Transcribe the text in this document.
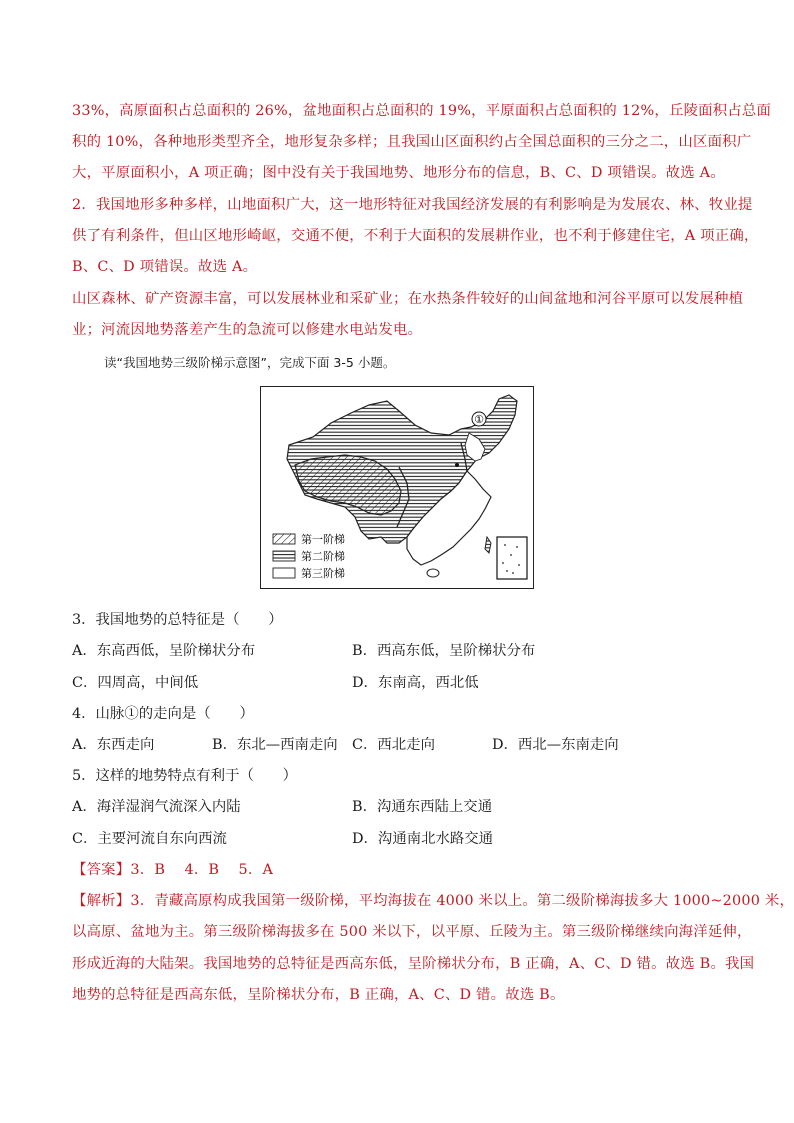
33%，高原面积占总面积的 26%，盆地面积占总面积的 19%，平原面积占总面积的 12%，丘陵面积占总面
积的 10%，各种地形类型齐全，地形复杂多样；且我国山区面积约占全国总面积的三分之二，山区面积广
大，平原面积小，A 项正确；图中没有关于我国地势、地形分布的信息，B、C、D 项错误。故选 A。
2．我国地形多种多样，山地面积广大，这一地形特征对我国经济发展的有利影响是为发展农、林、牧业提
供了有利条件，但山区地形崎岖，交通不便，不利于大面积的发展耕作业，也不利于修建住宅，A 项正确，
B、C、D 项错误。故选 A。
山区森林、矿产资源丰富，可以发展林业和采矿业；在水热条件较好的山间盆地和河谷平原可以发展种植
业；河流因地势落差产生的急流可以修建水电站发电。
读“我国地势三级阶梯示意图”，完成下面 3-5 小题。
①
第一阶梯
第二阶梯
第三阶梯
3．我国地势的总特征是（　　）
A．东高西低，呈阶梯状分布	B．西高东低，呈阶梯状分布
C．四周高，中间低	D．东南高，西北低
4．山脉①的走向是（　　）
A．东西走向	B．东北—西南走向 C．西北走向	D．西北—东南走向
5．这样的地势特点有利于（　　）
A．海洋湿润气流深入内陆	B．沟通东西陆上交通
C．主要河流自东向西流	D．沟通南北水路交通
【答案】3．B　 4．B　 5．A
【解析】3．青藏高原构成我国第一级阶梯，平均海拔在 4000 米以上。第二级阶梯海拔多大 1000~2000 米，
以高原、盆地为主。第三级阶梯海拔多在 500 米以下，以平原、丘陵为主。第三级阶梯继续向海洋延伸，
形成近海的大陆架。我国地势的总特征是西高东低，呈阶梯状分布，B 正确，A、C、D 错。故选 B。我国
地势的总特征是西高东低，呈阶梯状分布，B 正确，A、C、D 错。故选 B。
